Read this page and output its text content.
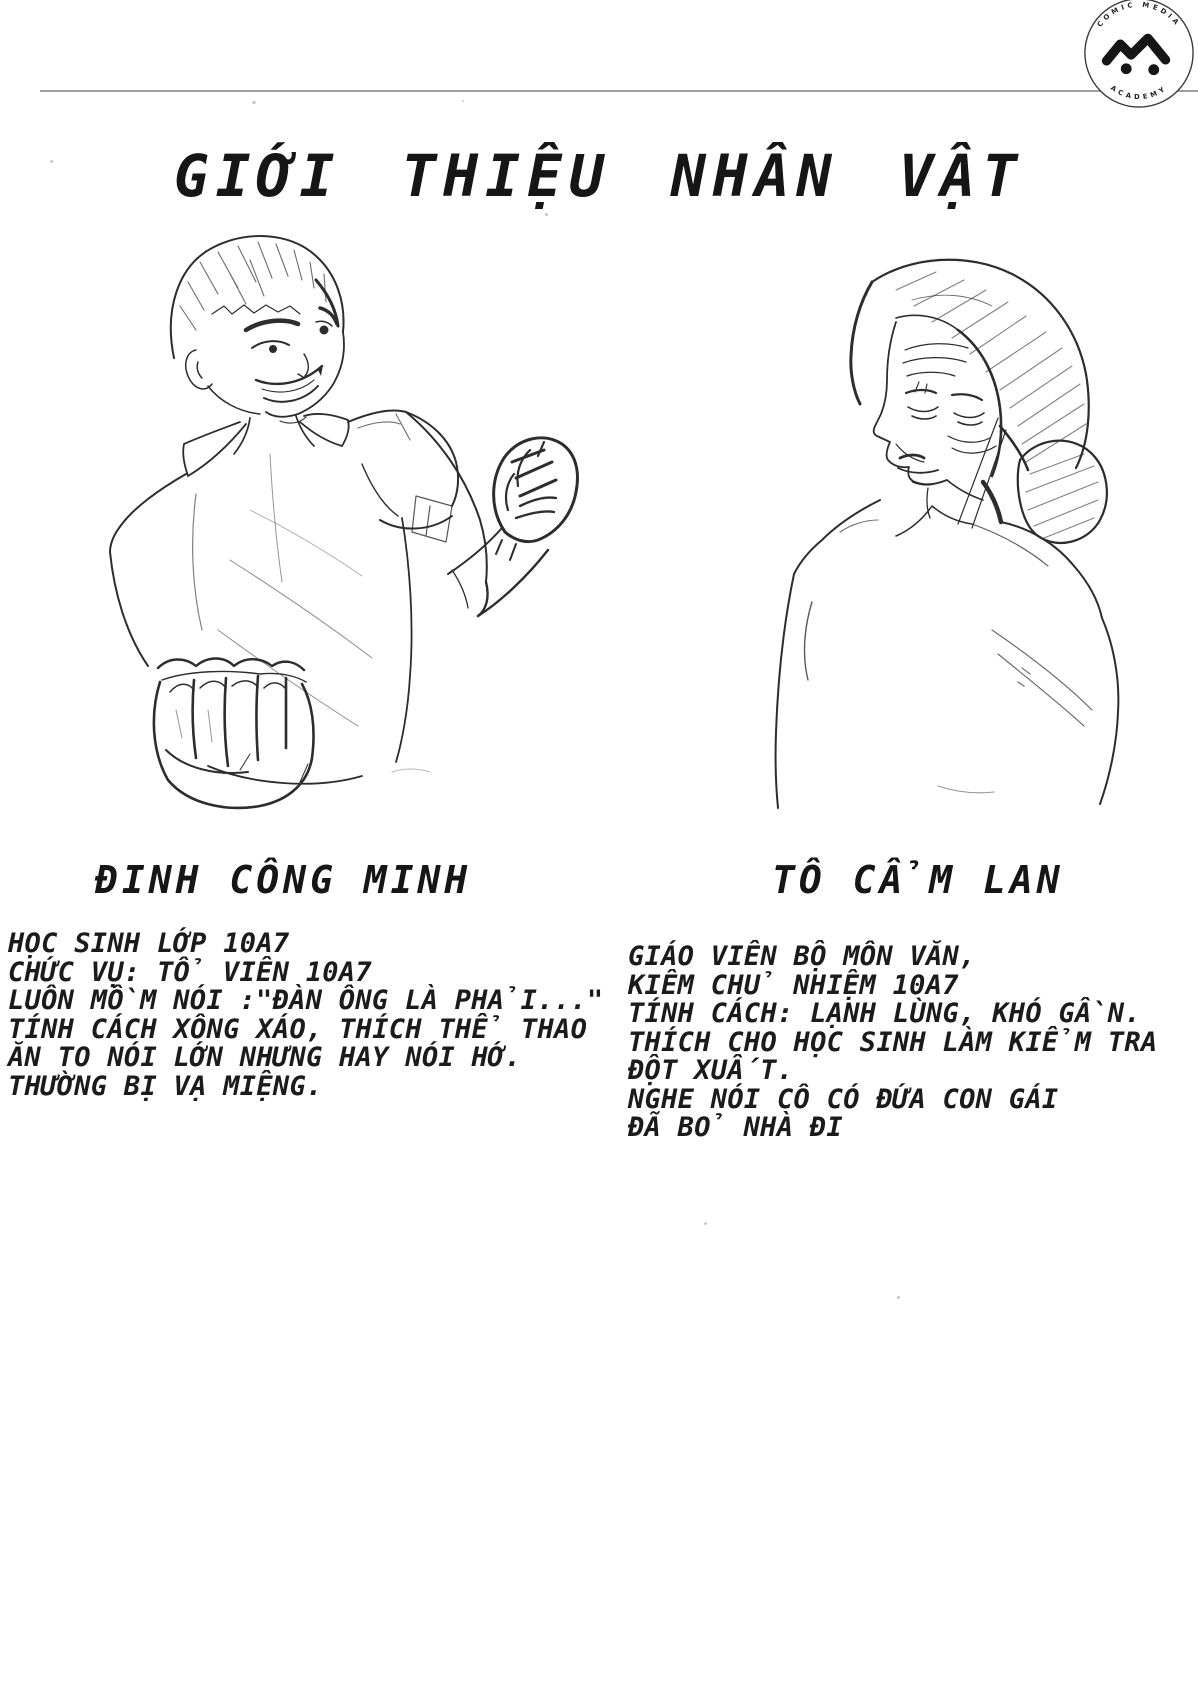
COMIC MEDIA
ACADEMY
GIỚI THIỆU NHÂN VẬT
ĐINH CÔNG MINH	TÔ CẨM LAN
HỌC SINH LỚP 10A7
CHỨC VỤ: TỔ VIÊN 10A7
LUÔN MỒM NÓI :"ĐÀN ÔNG LÀ PHẢI..."
TÍNH CÁCH XÔNG XÁO, THÍCH THỂ THAO
ĂN TO NÓI LỚN NHƯNG HAY NÓI HỚ.
THƯỜNG BỊ VẠ MIỆNG.
GIÁO VIÊN BỘ MÔN VĂN,
KIÊM CHỦ NHIỆM 10A7
TÍNH CÁCH: LẠNH LÙNG, KHÓ GẦN.
THÍCH CHO HỌC SINH LÀM KIỂM TRA
ĐỘT XUẤT.
NGHE NÓI CÔ CÓ ĐỨA CON GÁI
ĐÃ BỎ NHÀ ĐI
